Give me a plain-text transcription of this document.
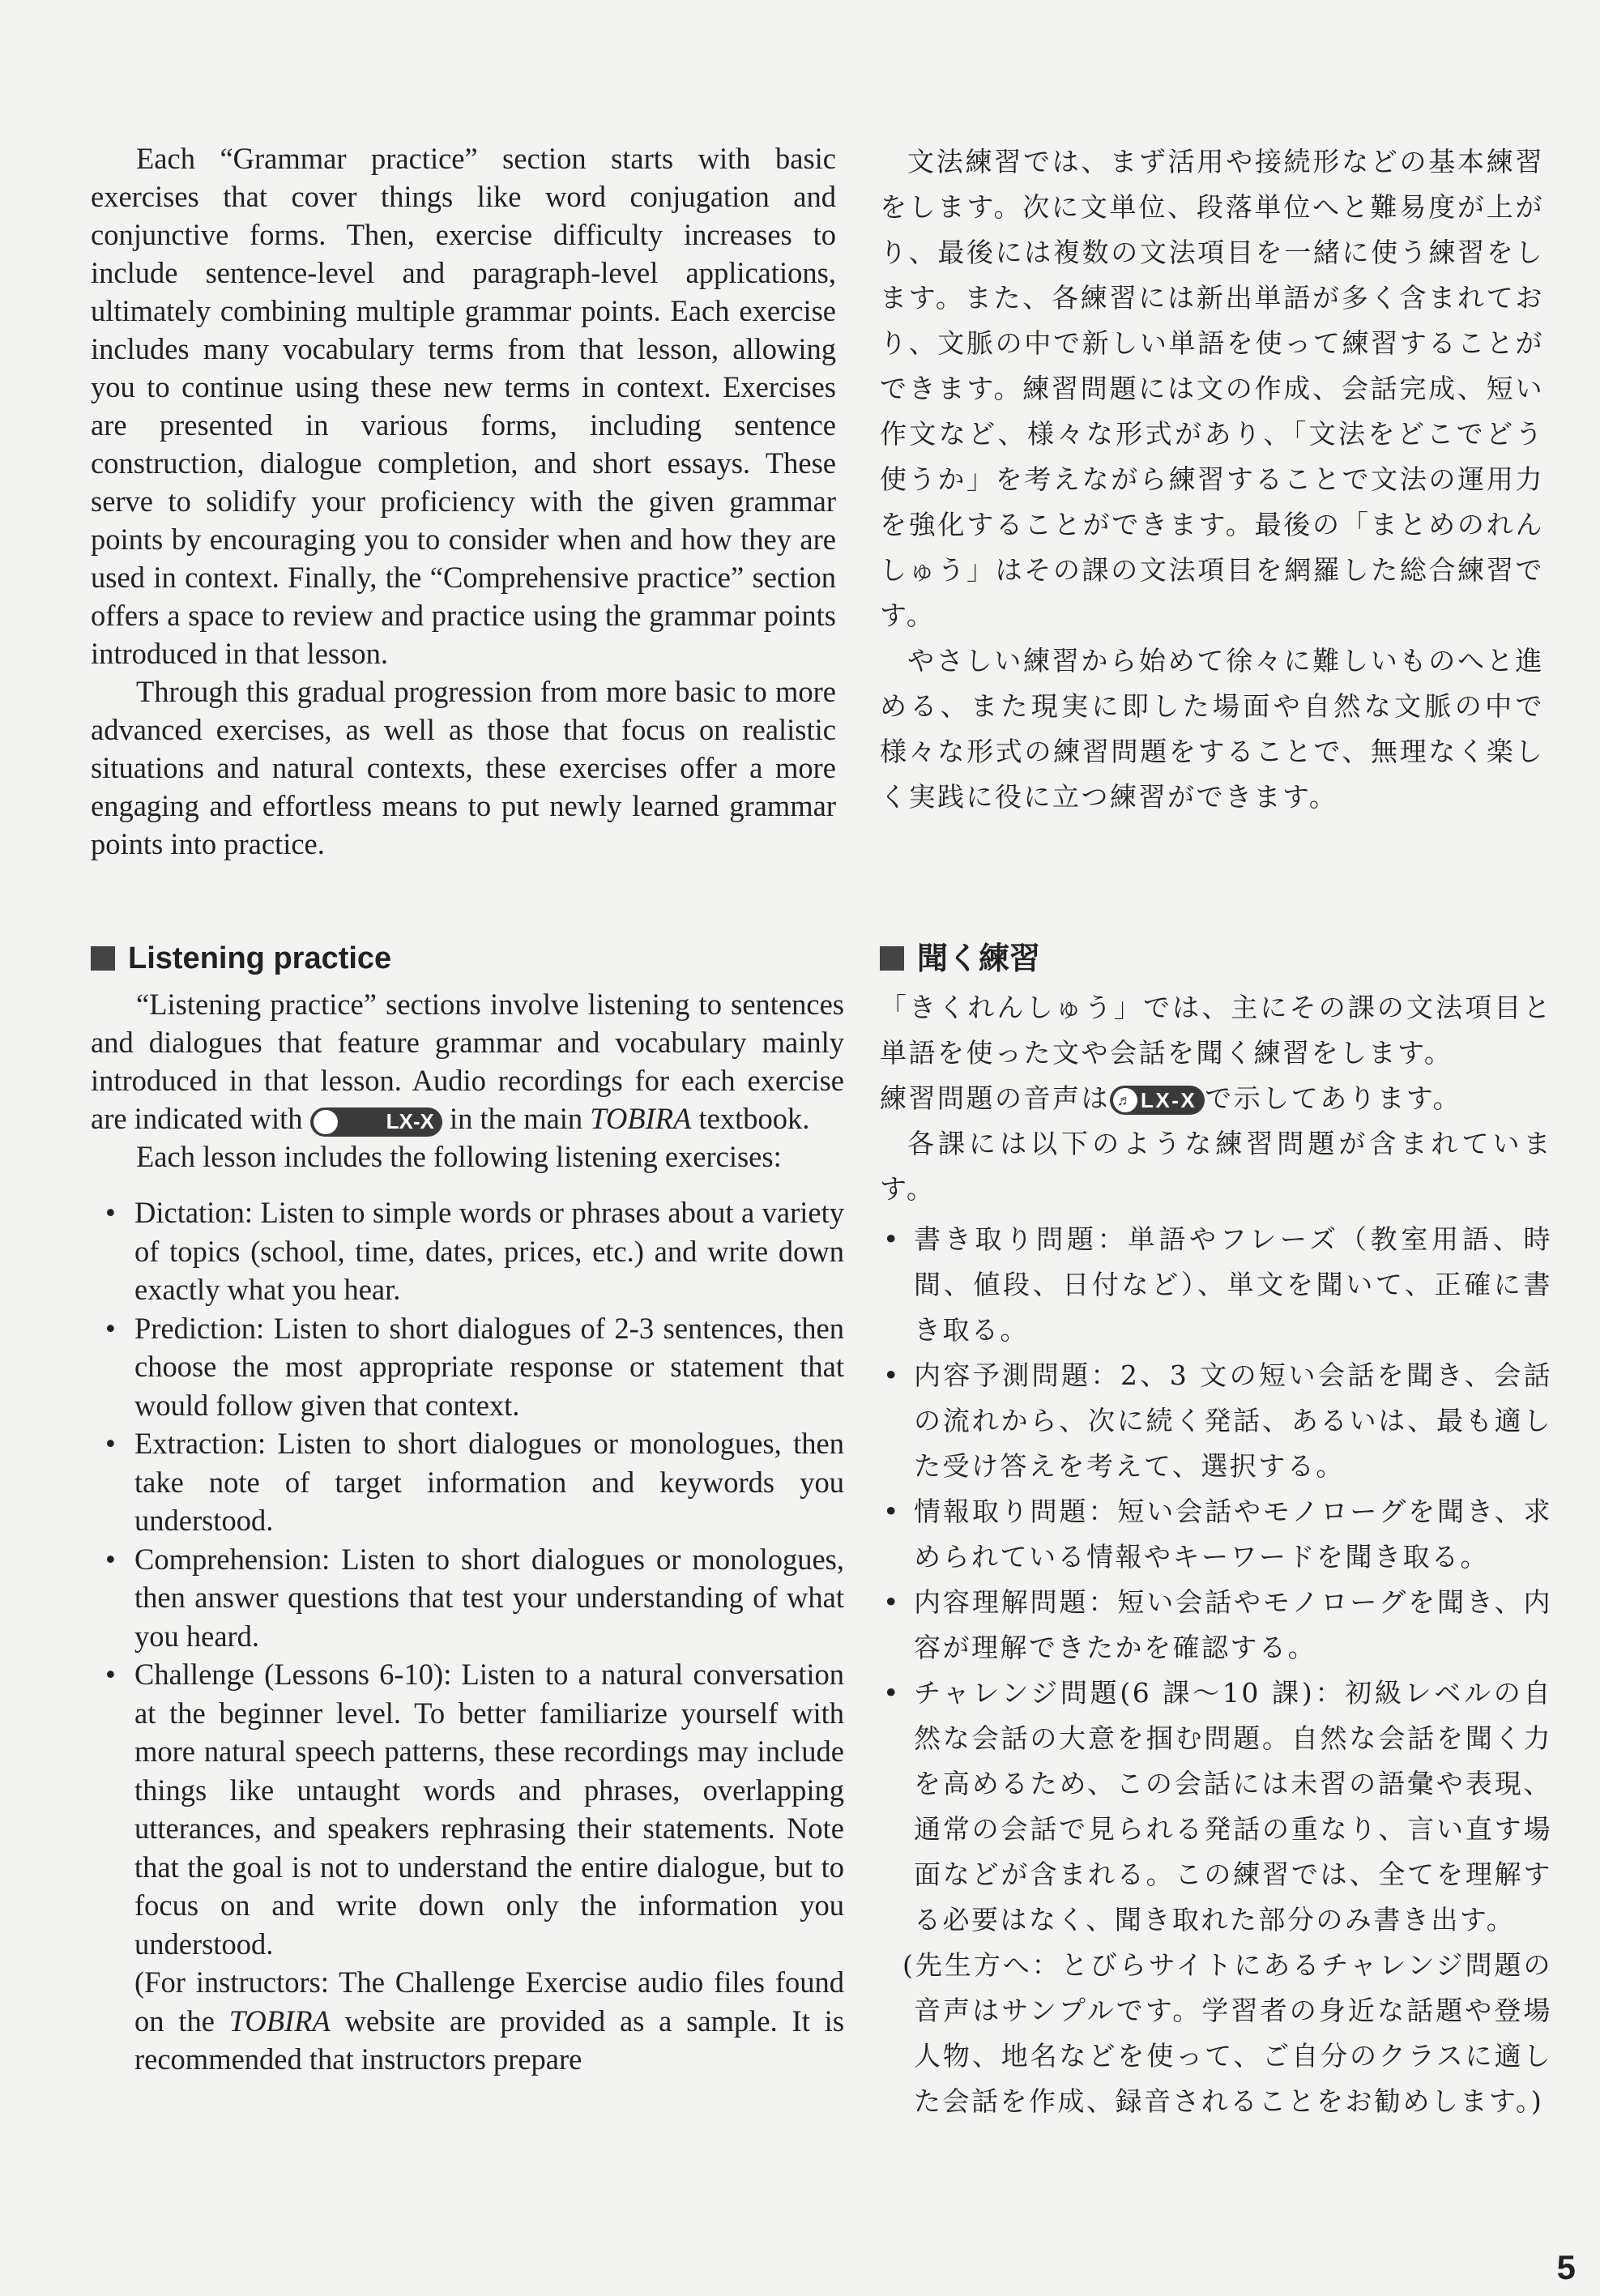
Each “Grammar practice” section starts with basic exercises that cover things like word conjugation and conjunctive forms. Then, exercise difficulty increases to include sentence-level and paragraph-level applications, ultimately combining multiple grammar points. Each exercise includes many vocabulary terms from that lesson, allowing you to continue using these new terms in context. Exercises are presented in various forms, including sentence construction, dialogue completion, and short essays. These serve to solidify your proficiency with the given grammar points by encouraging you to consider when and how they are used in context. Finally, the “Comprehensive practice” section offers a space to review and practice using the grammar points introduced in that lesson.

Through this gradual progression from more basic to more advanced exercises, as well as those that focus on realistic situations and natural contexts, these exercises offer a more engaging and effortless means to put newly learned grammar points into practice.

文法練習では、まず活用や接続形などの基本練習をします。次に文単位、段落単位へと難易度が上がり、最後には複数の文法項目を一緒に使う練習をします。また、各練習には新出単語が多く含まれており、文脈の中で新しい単語を使って練習することができます。練習問題には文の作成、会話完成、短い作文など、様々な形式があり、「文法をどこでどう使うか」を考えながら練習することで文法の運用力を強化することができます。最後の「まとめのれんしゅう」はその課の文法項目を網羅した総合練習です。

やさしい練習から始めて徐々に難しいものへと進める、また現実に即した場面や自然な文脈の中で様々な形式の練習問題をすることで、無理なく楽しく実践に役に立つ練習ができます。

Listening practice

“Listening practice” sections involve listening to sentences and dialogues that feature grammar and vocabulary mainly introduced in that lesson. Audio recordings for each exercise are indicated with	♬	LX-X in the main TOBIRA textbook.

Each lesson includes the following listening exercises:

• Dictation: Listen to simple words or phrases about a variety of topics (school, time, dates, prices, etc.) and write down exactly what you hear.
• Prediction: Listen to short dialogues of 2-3 sentences, then choose the most appropriate response or statement that would follow given that context.
• Extraction: Listen to short dialogues or monologues, then take note of target information and keywords you understood.
• Comprehension: Listen to short dialogues or monologues, then answer questions that test your understanding of what you heard.
• Challenge (Lessons 6-10): Listen to a natural conversation at the beginner level. To better familiarize yourself with more natural speech patterns, these recordings may include things like untaught words and phrases, overlapping utterances, and speakers rephrasing their statements. Note that the goal is not to understand the entire dialogue, but to focus on and write down only the information you understood.

(For instructors: The Challenge Exercise audio files found on the TOBIRA website are provided as a sample. It is recommended that instructors prepare

聞く練習

「きくれんしゅう」では、主にその課の文法項目と単語を使った文や会話を聞く練習をします。

練習問題の音声は ♬ LX-X で示してあります。

各課には以下のような練習問題が含まれています。

• 書き取り問題：単語やフレーズ（教室用語、時間、値段、日付など）、単文を聞いて、正確に書き取る。
• 内容予測問題：2、3 文の短い会話を聞き、会話の流れから、次に続く発話、あるいは、最も適した受け答えを考えて、選択する。
• 情報取り問題：短い会話やモノローグを聞き、求められている情報やキーワードを聞き取る。
• 内容理解問題：短い会話やモノローグを聞き、内容が理解できたかを確認する。
• チャレンジ問題(6 課〜10 課)：初級レベルの自然な会話の大意を掴む問題。自然な会話を聞く力を高めるため、この会話には未習の語彙や表現、通常の会話で見られる発話の重なり、言い直す場面などが含まれる。この練習では、全てを理解する必要はなく、聞き取れた部分のみ書き出す。

(先生方へ：とびらサイトにあるチャレンジ問題の音声はサンプルです。学習者の身近な話題や登場人物、地名などを使って、ご自分のクラスに適した会話を作成、録音されることをお勧めします。)

5
